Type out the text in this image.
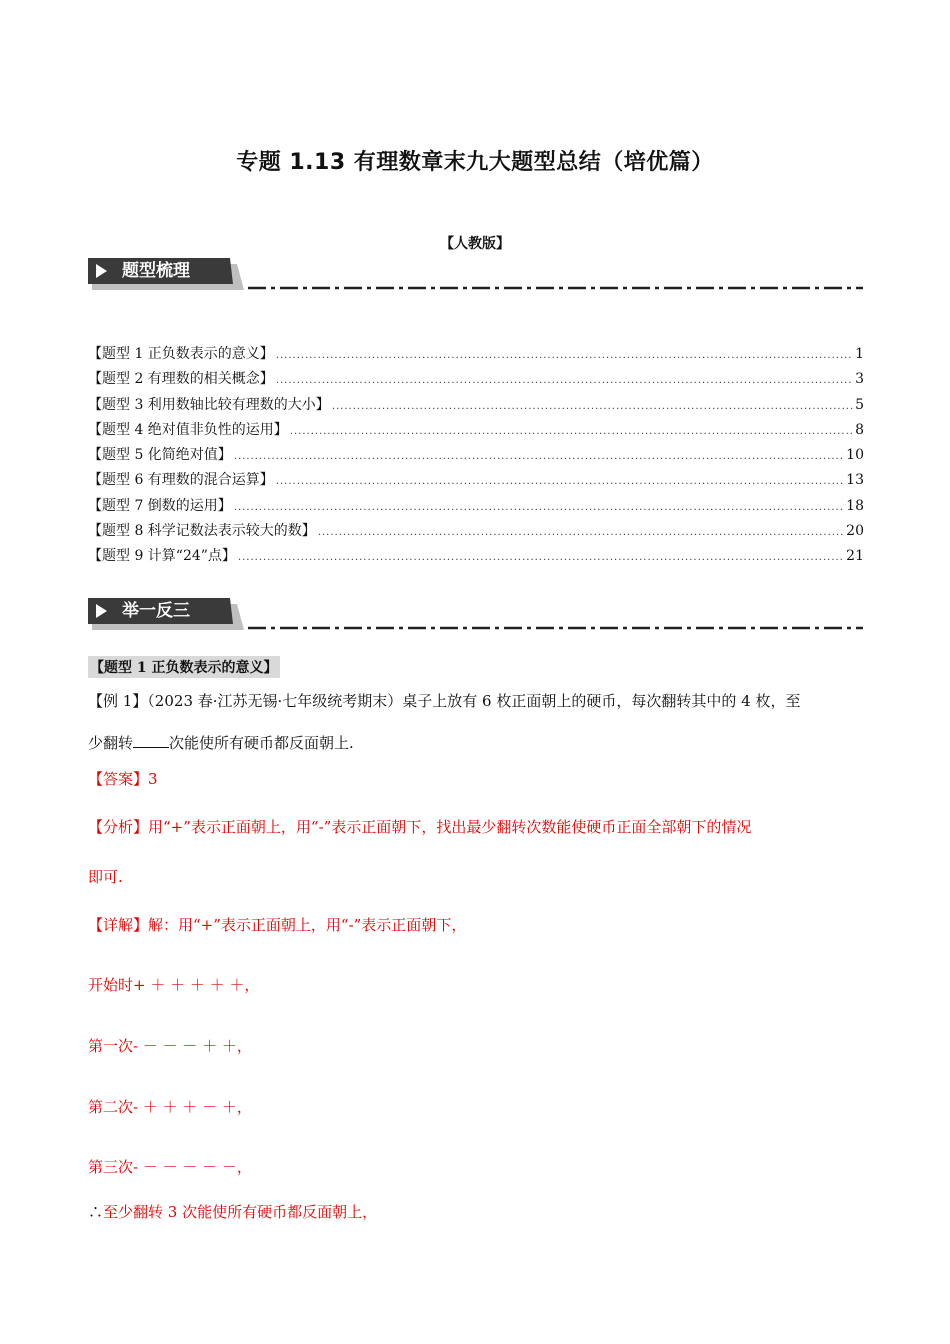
专题 1.13 有理数章末九大题型总结（培优篇）
【人教版】
题型梳理
【题型 1 正负数表示的意义】 .....	1
【题型 2 有理数的相关概念】 .....	3
【题型 3 利用数轴比较有理数的大小】 .....	5
【题型 4 绝对值非负性的运用】 .....	8
【题型 5 化简绝对值】 .....	10
【题型 6 有理数的混合运算】 .....	13
【题型 7 倒数的运用】 .....	18
【题型 8 科学记数法表示较大的数】 .....	20
【题型 9 计算“24”点】 .....	21
举一反三
【题型 1 正负数表示的意义】
【例 1】（2023 春·江苏无锡·七年级统考期末）桌子上放有 6 枚正面朝上的硬币，每次翻转其中的 4 枚，至
少翻转 次能使所有硬币都反面朝上.
【答案】3
【分析】用“+”表示正面朝上，用“-”表示正面朝下，找出最少翻转次数能使硬币正面全部朝下的情况
即可.
【详解】解：用“+”表示正面朝上，用“-”表示正面朝下，
开始时+ ＋ ＋ ＋ ＋ ＋，
第一次- － － － ＋ ＋，
第二次- ＋ ＋ ＋ － ＋，
第三次- － － － － －，
∴至少翻转 3 次能使所有硬币都反面朝上，
